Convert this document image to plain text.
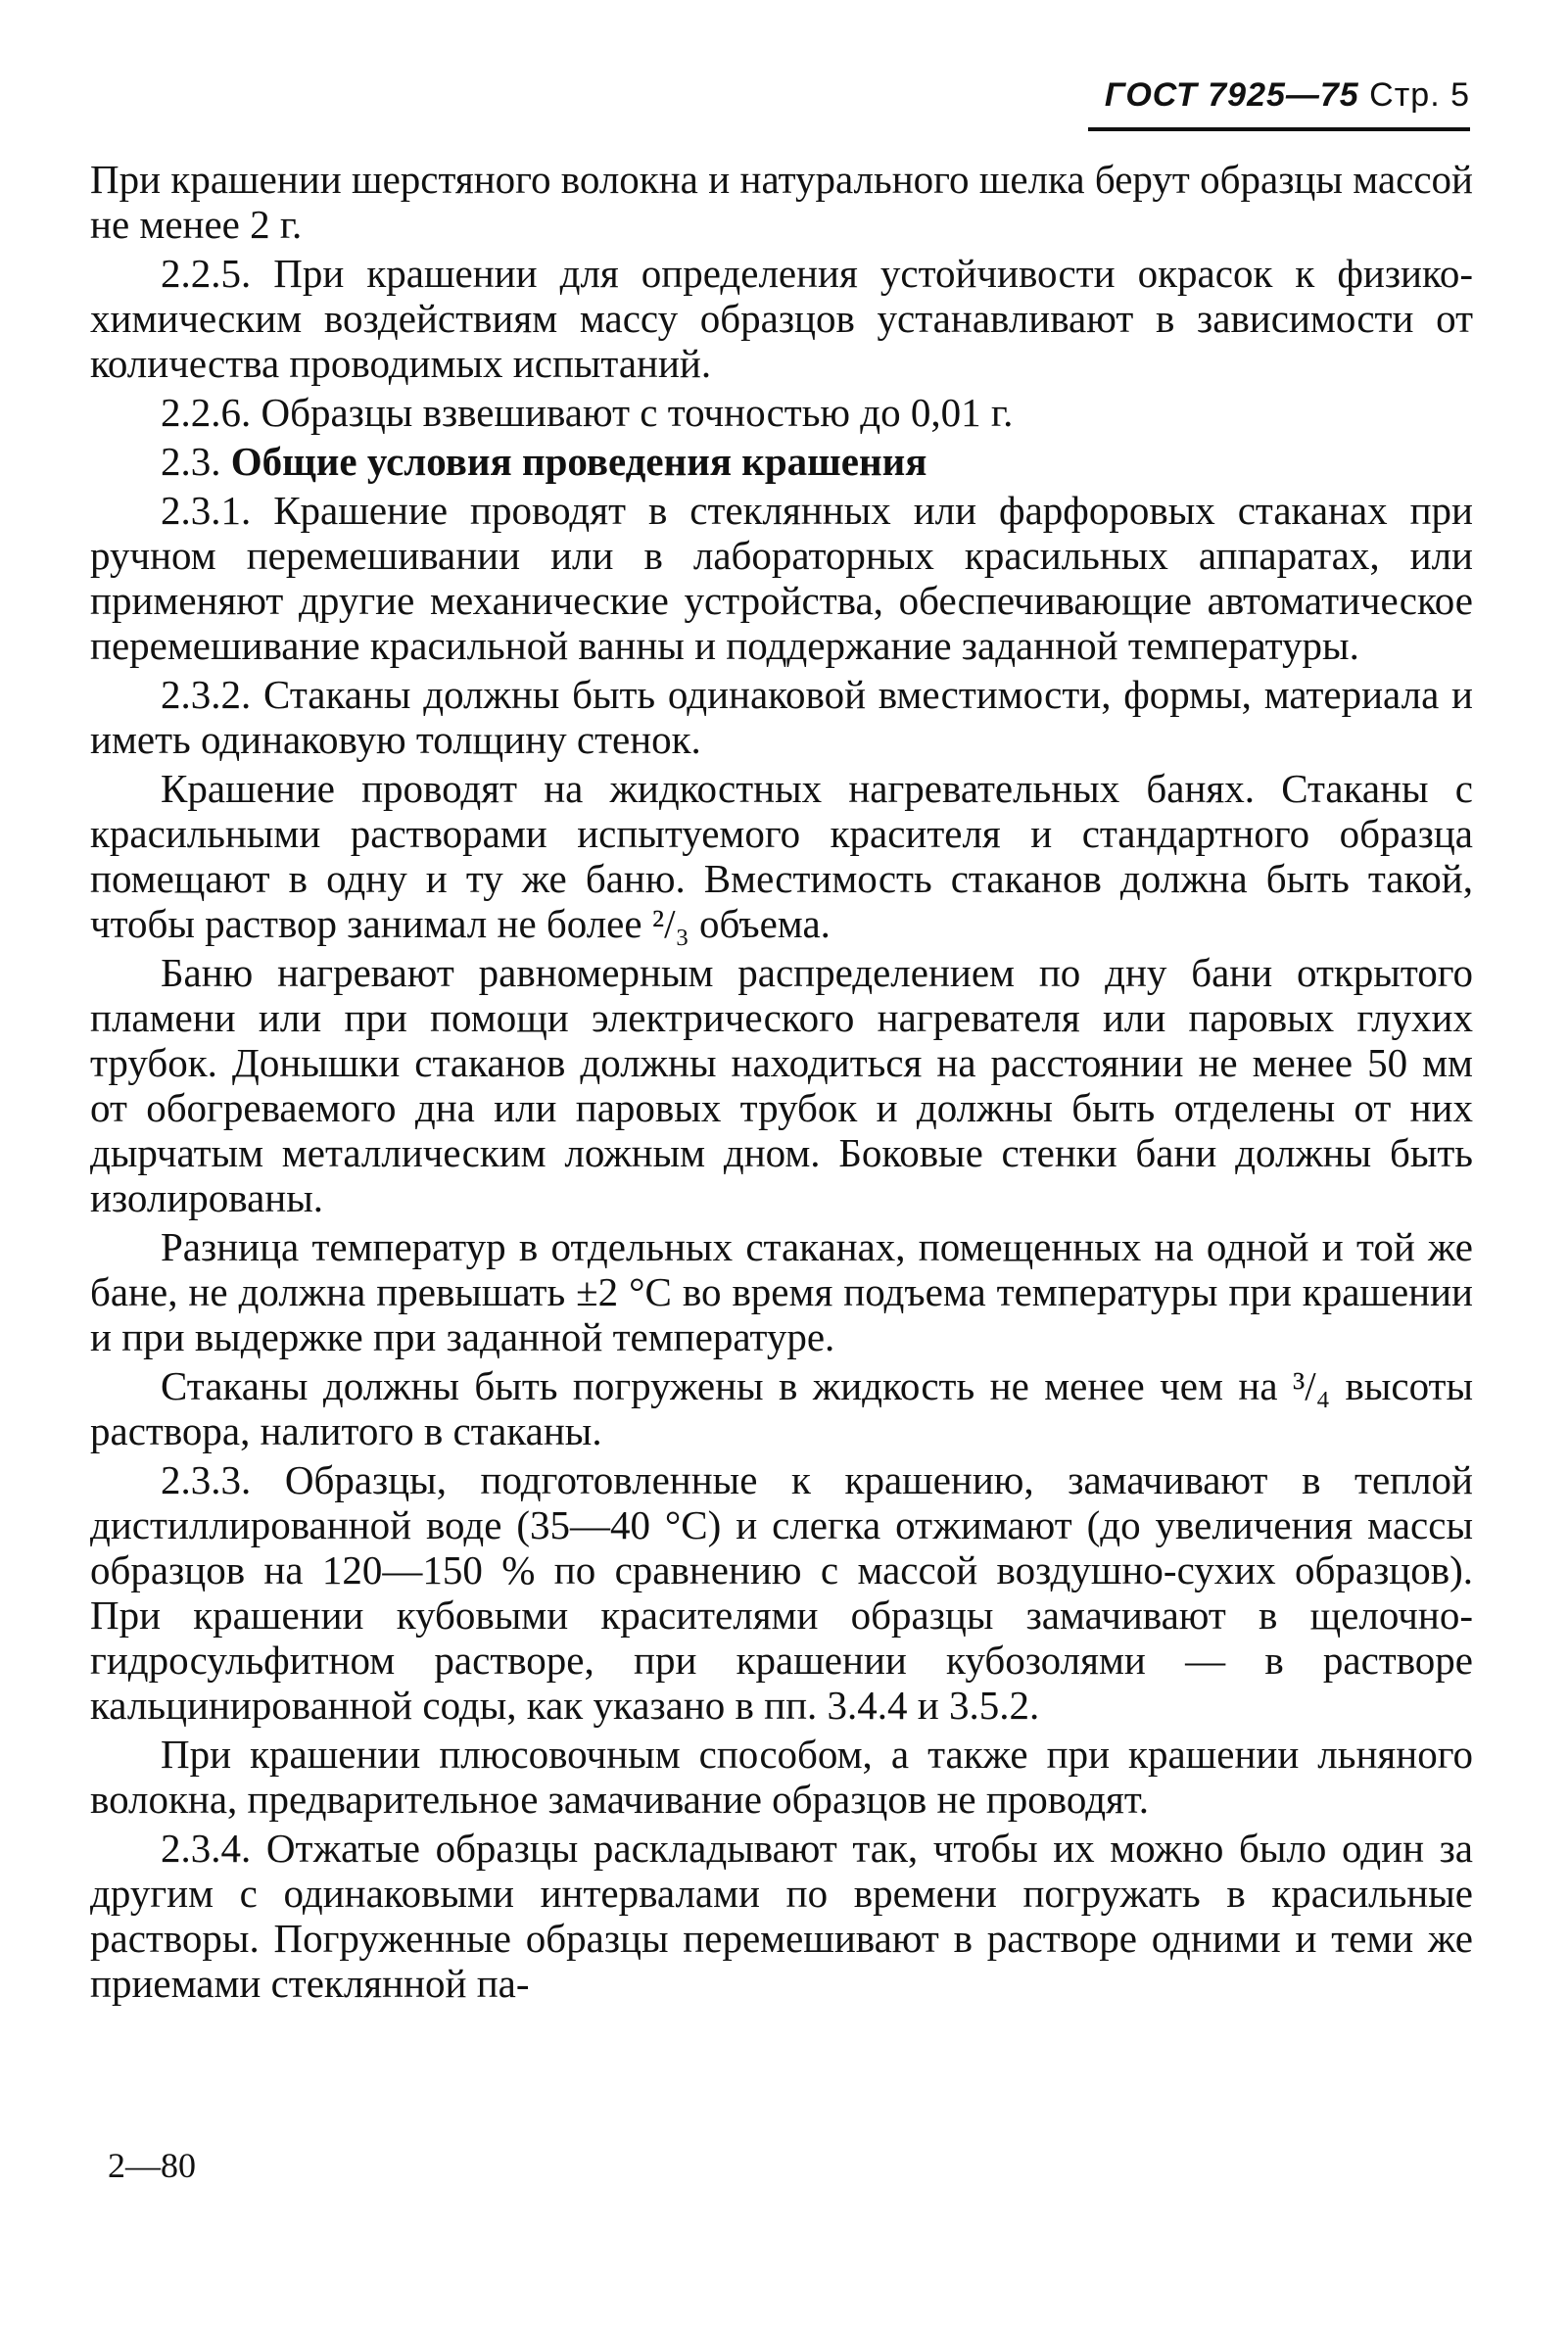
ГОСТ 7925—75 Стр. 5

При крашении шерстяного волокна и натурального шелка берут образцы массой не менее 2 г.

2.2.5. При крашении для определения устойчивости окрасок к физико-химическим воздействиям массу образцов устанавливают в зависимости от количества проводимых испытаний.

2.2.6. Образцы взвешивают с точностью до 0,01 г.

2.3. Общие условия проведения крашения

2.3.1. Крашение проводят в стеклянных или фарфоровых стаканах при ручном перемешивании или в лабораторных красильных аппаратах, или применяют другие механические устройства, обеспечивающие автоматическое перемешивание красильной ванны и поддержание заданной температуры.

2.3.2. Стаканы должны быть одинаковой вместимости, формы, материала и иметь одинаковую толщину стенок.

Крашение проводят на жидкостных нагревательных банях. Стаканы с красильными растворами испытуемого красителя и стандартного образца помещают в одну и ту же баню. Вместимость стаканов должна быть такой, чтобы раствор занимал не более ²/₃ объема.

Баню нагревают равномерным распределением по дну бани открытого пламени или при помощи электрического нагревателя или паровых глухих трубок. Донышки стаканов должны находиться на расстоянии не менее 50 мм от обогреваемого дна или паровых трубок и должны быть отделены от них дырчатым металлическим ложным дном. Боковые стенки бани должны быть изолированы.

Разница температур в отдельных стаканах, помещенных на одной и той же бане, не должна превышать ±2 °С во время подъема температуры при крашении и при выдержке при заданной температуре.

Стаканы должны быть погружены в жидкость не менее чем на ³/₄ высоты раствора, налитого в стаканы.

2.3.3. Образцы, подготовленные к крашению, замачивают в теплой дистиллированной воде (35—40 °С) и слегка отжимают (до увеличения массы образцов на 120—150 % по сравнению с массой воздушно-сухих образцов). При крашении кубовыми красителями образцы замачивают в щелочно-гидросульфитном растворе, при крашении кубозолями — в растворе кальцинированной соды, как указано в пп. 3.4.4 и 3.5.2.

При крашении плюсовочным способом, а также при крашении льняного волокна, предварительное замачивание образцов не проводят.

2.3.4. Отжатые образцы раскладывают так, чтобы их можно было один за другим с одинаковыми интервалами по времени погружать в красильные растворы. Погруженные образцы перемешивают в растворе одними и теми же приемами стеклянной па-

2—80
